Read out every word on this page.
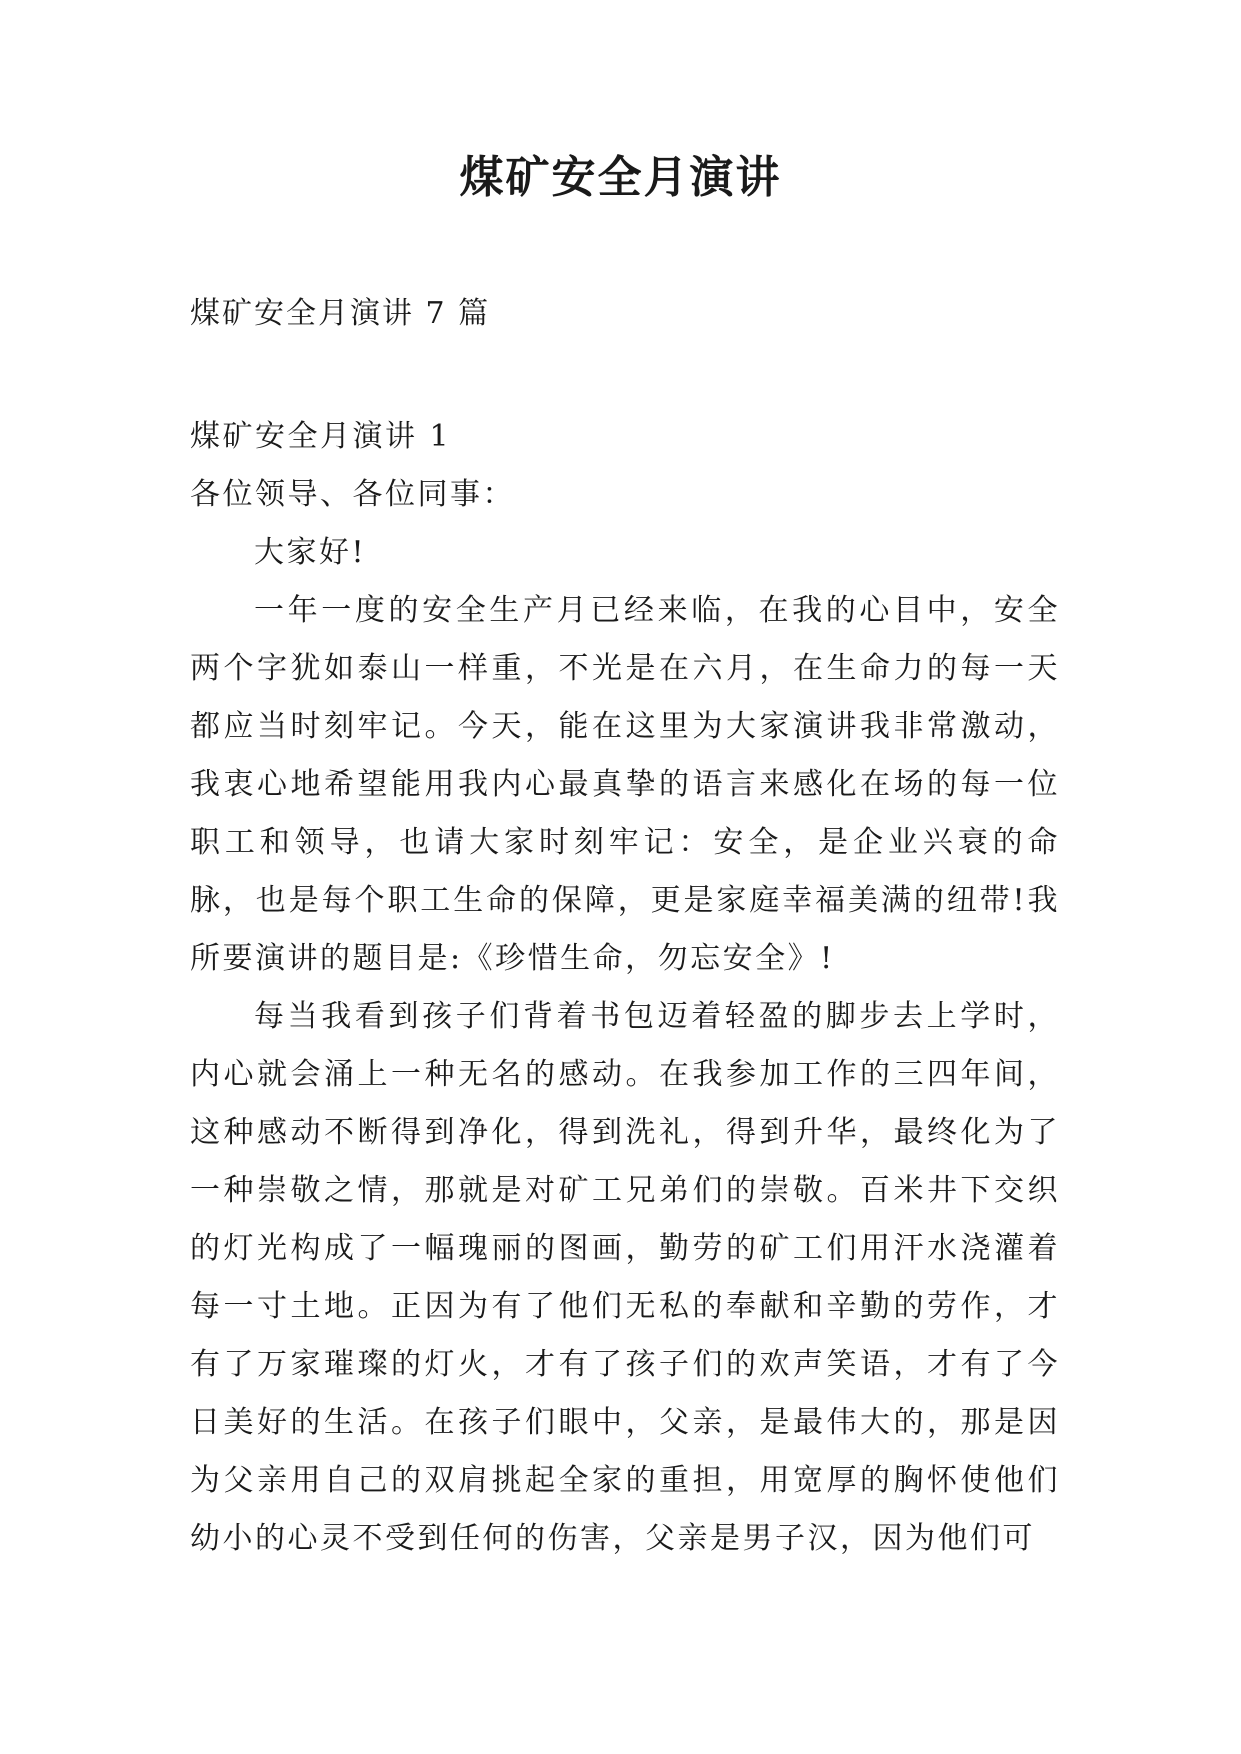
煤矿安全月演讲
煤矿安全月演讲 7 篇

煤矿安全月演讲 1

各位领导、各位同事：

大家好!

一年一度的安全生产月已经来临，在我的心目中，安全两个字犹如泰山一样重，不光是在六月，在生命力的每一天都应当时刻牢记。今天，能在这里为大家演讲我非常激动，我衷心地希望能用我内心最真挚的语言来感化在场的每一位职工和领导，也请大家时刻牢记：安全，是企业兴衰的命脉，也是每个职工生命的保障，更是家庭幸福美满的纽带!我所要演讲的题目是:《珍惜生命，勿忘安全》!

每当我看到孩子们背着书包迈着轻盈的脚步去上学时，内心就会涌上一种无名的感动。在我参加工作的三四年间，这种感动不断得到净化，得到洗礼，得到升华，最终化为了一种崇敬之情，那就是对矿工兄弟们的崇敬。百米井下交织的灯光构成了一幅瑰丽的图画，勤劳的矿工们用汗水浇灌着每一寸土地。正因为有了他们无私的奉献和辛勤的劳作，才有了万家璀璨的灯火，才有了孩子们的欢声笑语，才有了今日美好的生活。在孩子们眼中，父亲，是最伟大的，那是因为父亲用自己的双肩挑起全家的重担，用宽厚的胸怀使他们幼小的心灵不受到任何的伤害，父亲是男子汉，因为他们可
